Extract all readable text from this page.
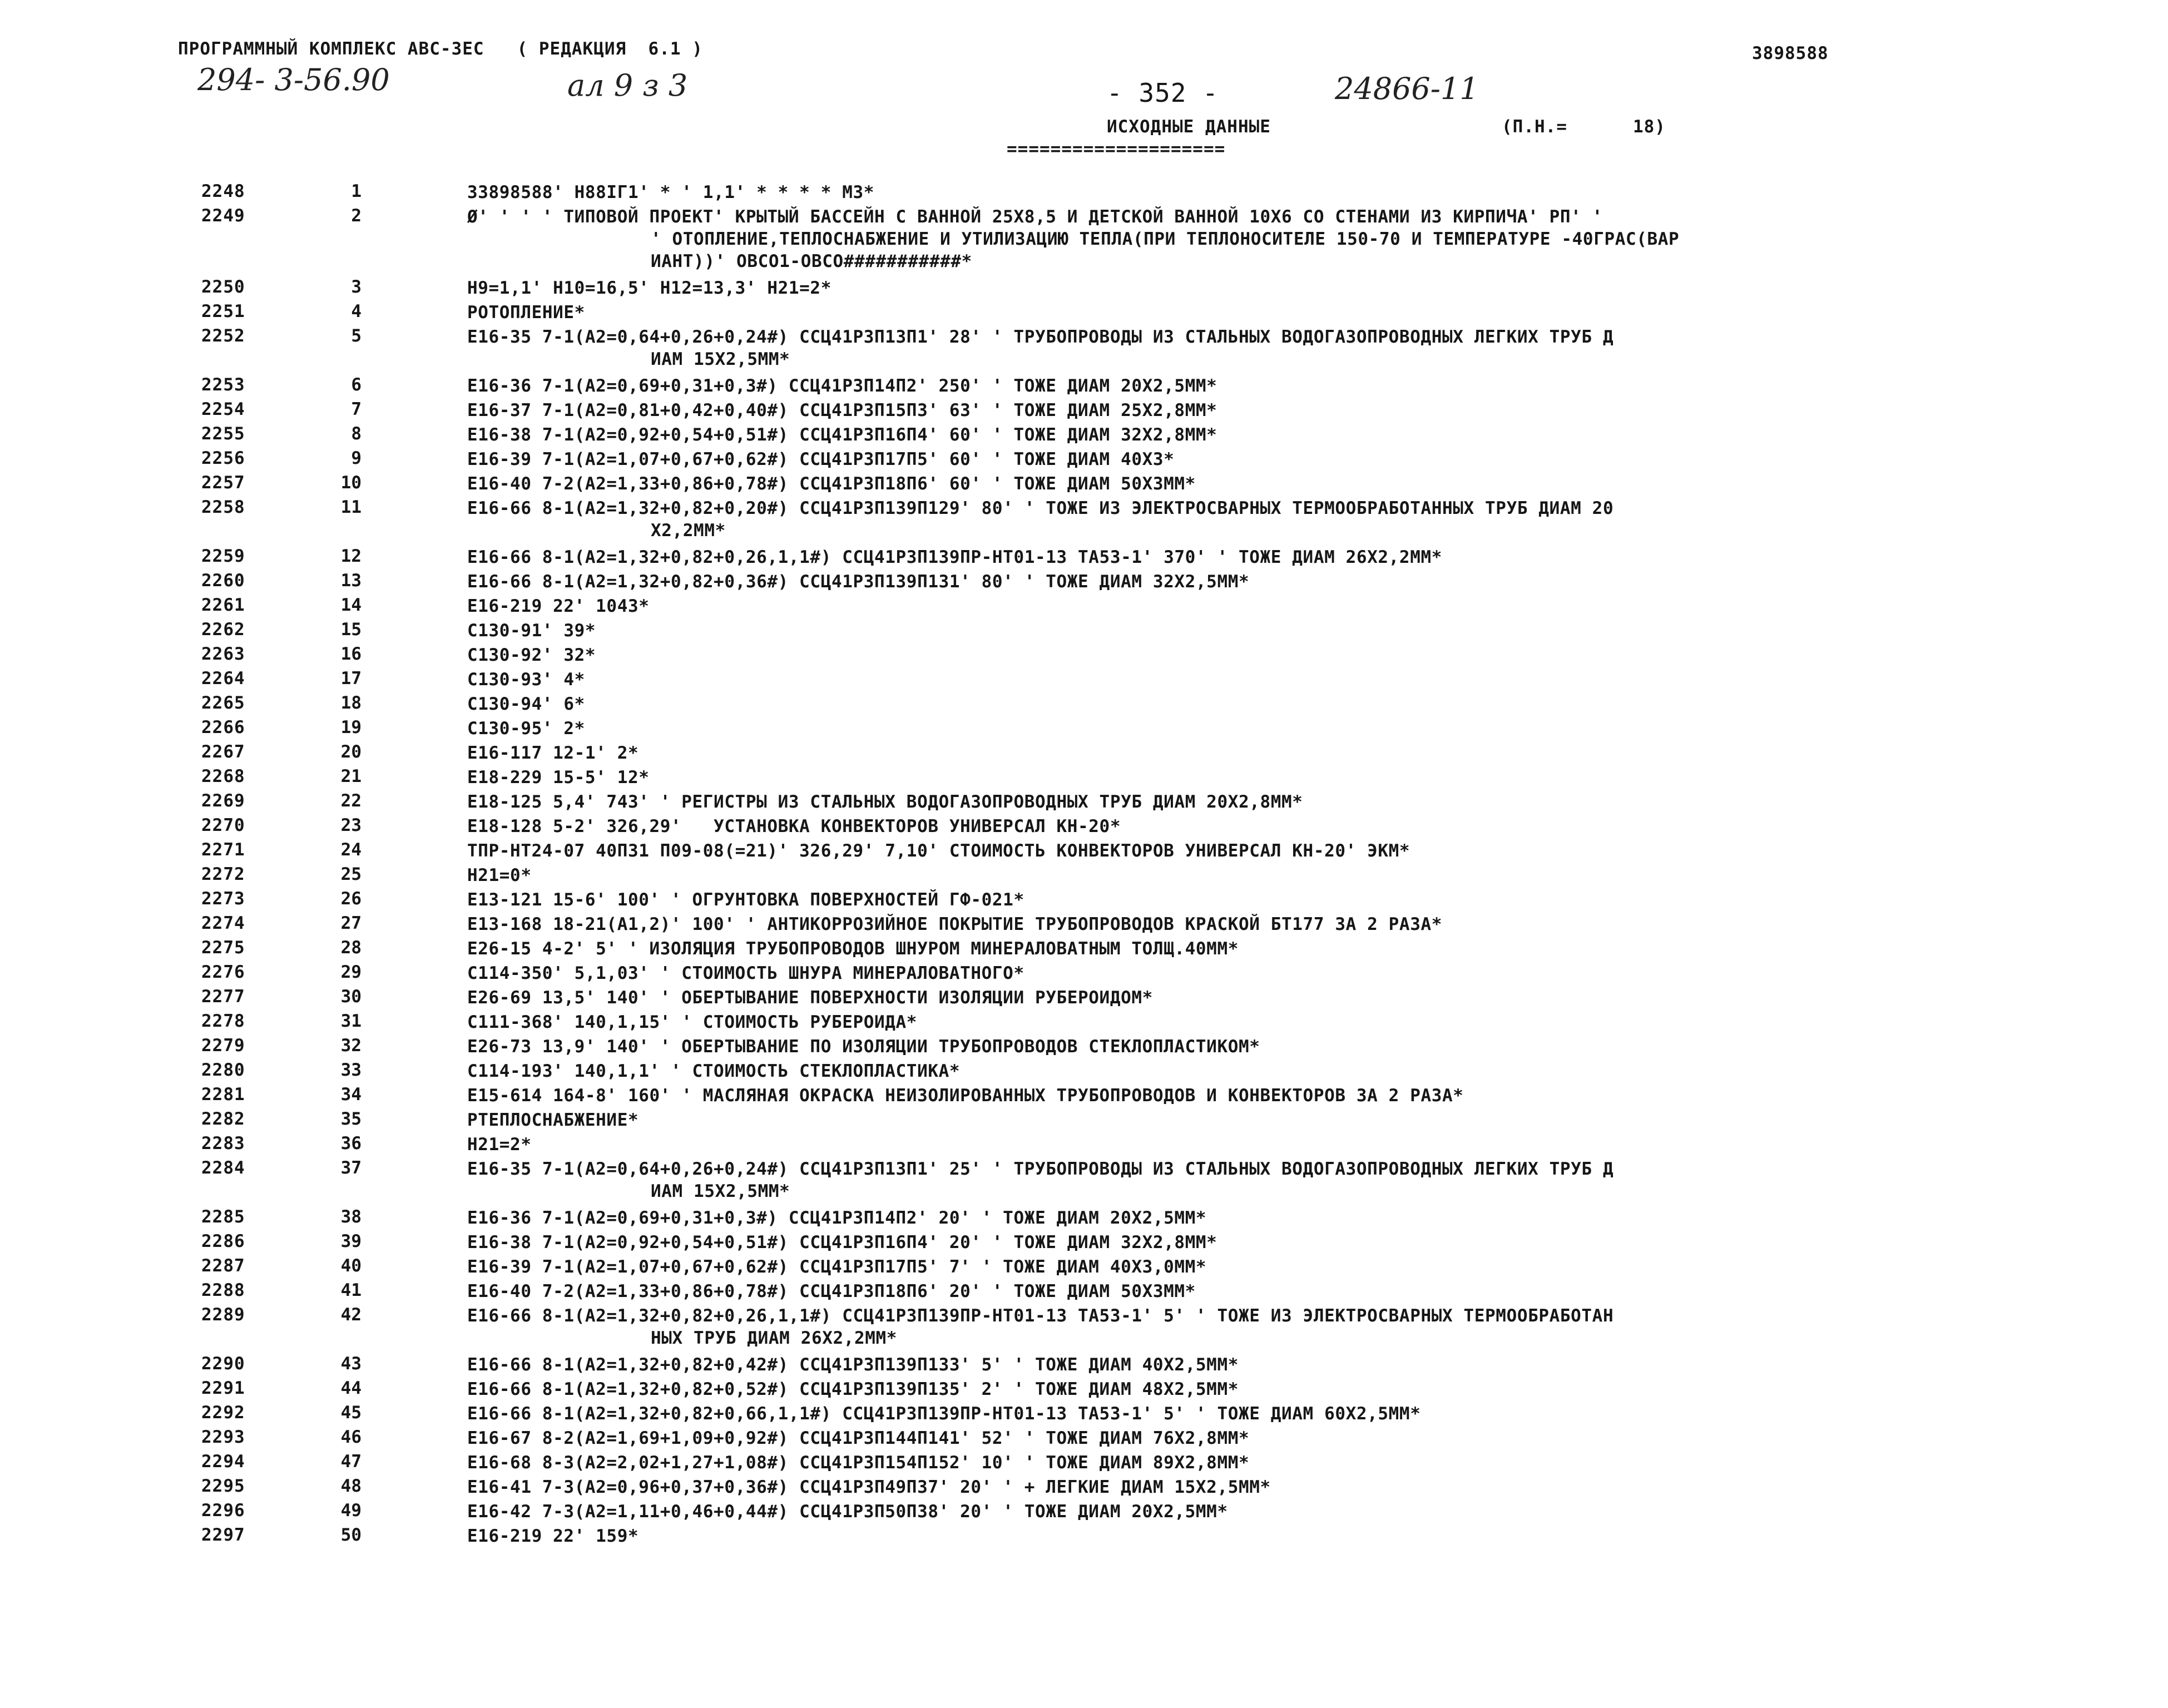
ПРОГРАММНЫЙ КОМПЛЕКС АВС-ЗЕС   ( РЕДАКЦИЯ  6.1 )	3898588
294- 3-56.90	ал 9 з 3	- 352 -	24866-11
ИСХОДНЫЕ ДАННЫЕ	(П.Н.=      18)
====================
2248	1	33898588' H88IГ1' * ' 1,1' * * * * M3*
2249	2	Ø' ' ' ' ТИПОВОЙ ПРОЕКТ' КРЫТЫЙ БАССЕЙН С ВАННОЙ 25X8,5 И ДЕТСКОЙ ВАННОЙ 10X6 СО СТЕНАМИ ИЗ КИРПИЧА' РП' '
' ОТОПЛЕНИЕ,ТЕПЛОСНАБЖЕНИЕ И УТИЛИЗАЦИЮ ТЕПЛА(ПРИ ТЕПЛОНОСИТЕЛЕ 150-70 И ТЕМПЕРАТУРЕ -40ГРАС(ВАР
ИАНТ))' ОВСО1-ОВСО###########*
2250	3	H9=1,1' H10=16,5' H12=13,3' H21=2*
2251	4	РОТОПЛЕНИЕ*
2252	5	E16-35 7-1(A2=0,64+0,26+0,24#) ССЦ41Р3П13П1' 28' ' ТРУБОПРОВОДЫ ИЗ СТАЛЬНЫХ ВОДОГАЗОПРОВОДНЫХ ЛЕГКИХ ТРУБ Д
ИАМ 15X2,5ММ*
2253	6	E16-36 7-1(A2=0,69+0,31+0,3#) ССЦ41Р3П14П2' 250' ' ТОЖЕ ДИАМ 20X2,5ММ*
2254	7	E16-37 7-1(A2=0,81+0,42+0,40#) ССЦ41Р3П15П3' 63' ' ТОЖЕ ДИАМ 25X2,8ММ*
2255	8	E16-38 7-1(A2=0,92+0,54+0,51#) ССЦ41Р3П16П4' 60' ' ТОЖЕ ДИАМ 32X2,8ММ*
2256	9	E16-39 7-1(A2=1,07+0,67+0,62#) ССЦ41Р3П17П5' 60' ' ТОЖЕ ДИАМ 40X3*
2257	10	E16-40 7-2(A2=1,33+0,86+0,78#) ССЦ41Р3П18П6' 60' ' ТОЖЕ ДИАМ 50X3ММ*
2258	11	E16-66 8-1(A2=1,32+0,82+0,20#) ССЦ41Р3П139П129' 80' ' ТОЖЕ ИЗ ЭЛЕКТРОСВАРНЫХ ТЕРМООБРАБОТАННЫХ ТРУБ ДИАМ 20
X2,2ММ*
2259	12	E16-66 8-1(A2=1,32+0,82+0,26,1,1#) ССЦ41Р3П139ПР-НТ01-13 ТА53-1' 370' ' ТОЖЕ ДИАМ 26X2,2ММ*
2260	13	E16-66 8-1(A2=1,32+0,82+0,36#) ССЦ41Р3П139П131' 80' ' ТОЖЕ ДИАМ 32X2,5ММ*
2261	14	E16-219 22' 1043*
2262	15	С130-91' 39*
2263	16	С130-92' 32*
2264	17	С130-93' 4*
2265	18	С130-94' 6*
2266	19	С130-95' 2*
2267	20	E16-117 12-1' 2*
2268	21	E18-229 15-5' 12*
2269	22	E18-125 5,4' 743' ' РЕГИСТРЫ ИЗ СТАЛЬНЫХ ВОДОГАЗОПРОВОДНЫХ ТРУБ ДИАМ 20X2,8ММ*
2270	23	E18-128 5-2' 326,29'   УСТАНОВКА КОНВЕКТОРОВ УНИВЕРСАЛ КН-20*
2271	24	ТПР-НТ24-07 40П31 П09-08(=21)' 326,29' 7,10' СТОИМОСТЬ КОНВЕКТОРОВ УНИВЕРСАЛ КН-20' ЭКМ*
2272	25	H21=0*
2273	26	E13-121 15-6' 100' ' ОГРУНТОВКА ПОВЕРХНОСТЕЙ ГФ-021*
2274	27	E13-168 18-21(A1,2)' 100' ' АНТИКОРРОЗИЙНОЕ ПОКРЫТИЕ ТРУБОПРОВОДОВ КРАСКОЙ БТ177 ЗА 2 РАЗА*
2275	28	E26-15 4-2' 5' ' ИЗОЛЯЦИЯ ТРУБОПРОВОДОВ ШНУРОМ МИНЕРАЛОВАТНЫМ ТОЛЩ.40ММ*
2276	29	С114-350' 5,1,03' ' СТОИМОСТЬ ШНУРА МИНЕРАЛОВАТНОГО*
2277	30	E26-69 13,5' 140' ' ОБЕРТЫВАНИЕ ПОВЕРХНОСТИ ИЗОЛЯЦИИ РУБЕРОИДОМ*
2278	31	С111-368' 140,1,15' ' СТОИМОСТЬ РУБЕРОИДА*
2279	32	E26-73 13,9' 140' ' ОБЕРТЫВАНИЕ ПО ИЗОЛЯЦИИ ТРУБОПРОВОДОВ СТЕКЛОПЛАСТИКОМ*
2280	33	С114-193' 140,1,1' ' СТОИМОСТЬ СТЕКЛОПЛАСТИКА*
2281	34	E15-614 164-8' 160' ' МАСЛЯНАЯ ОКРАСКА НЕИЗОЛИРОВАННЫХ ТРУБОПРОВОДОВ И КОНВЕКТОРОВ ЗА 2 РАЗА*
2282	35	РТЕПЛОСНАБЖЕНИЕ*
2283	36	H21=2*
2284	37	E16-35 7-1(A2=0,64+0,26+0,24#) ССЦ41Р3П13П1' 25' ' ТРУБОПРОВОДЫ ИЗ СТАЛЬНЫХ ВОДОГАЗОПРОВОДНЫХ ЛЕГКИХ ТРУБ Д
ИАМ 15X2,5ММ*
2285	38	E16-36 7-1(A2=0,69+0,31+0,3#) ССЦ41Р3П14П2' 20' ' ТОЖЕ ДИАМ 20X2,5ММ*
2286	39	E16-38 7-1(A2=0,92+0,54+0,51#) ССЦ41Р3П16П4' 20' ' ТОЖЕ ДИАМ 32X2,8ММ*
2287	40	E16-39 7-1(A2=1,07+0,67+0,62#) ССЦ41Р3П17П5' 7' ' ТОЖЕ ДИАМ 40X3,0ММ*
2288	41	E16-40 7-2(A2=1,33+0,86+0,78#) ССЦ41Р3П18П6' 20' ' ТОЖЕ ДИАМ 50X3ММ*
2289	42	E16-66 8-1(A2=1,32+0,82+0,26,1,1#) ССЦ41Р3П139ПР-НТ01-13 ТА53-1' 5' ' ТОЖЕ ИЗ ЭЛЕКТРОСВАРНЫХ ТЕРМООБРАБОТАН
НЫХ ТРУБ ДИАМ 26X2,2ММ*
2290	43	E16-66 8-1(A2=1,32+0,82+0,42#) ССЦ41Р3П139П133' 5' ' ТОЖЕ ДИАМ 40X2,5ММ*
2291	44	E16-66 8-1(A2=1,32+0,82+0,52#) ССЦ41Р3П139П135' 2' ' ТОЖЕ ДИАМ 48X2,5ММ*
2292	45	E16-66 8-1(A2=1,32+0,82+0,66,1,1#) ССЦ41Р3П139ПР-НТ01-13 ТА53-1' 5' ' ТОЖЕ ДИАМ 60X2,5ММ*
2293	46	E16-67 8-2(A2=1,69+1,09+0,92#) ССЦ41Р3П144П141' 52' ' ТОЖЕ ДИАМ 76X2,8ММ*
2294	47	E16-68 8-3(A2=2,02+1,27+1,08#) ССЦ41Р3П154П152' 10' ' ТОЖЕ ДИАМ 89X2,8ММ*
2295	48	E16-41 7-3(A2=0,96+0,37+0,36#) ССЦ41Р3П49П37' 20' ' + ЛЕГКИЕ ДИАМ 15X2,5ММ*
2296	49	E16-42 7-3(A2=1,11+0,46+0,44#) ССЦ41Р3П50П38' 20' ' ТОЖЕ ДИАМ 20X2,5ММ*
2297	50	E16-219 22' 159*
